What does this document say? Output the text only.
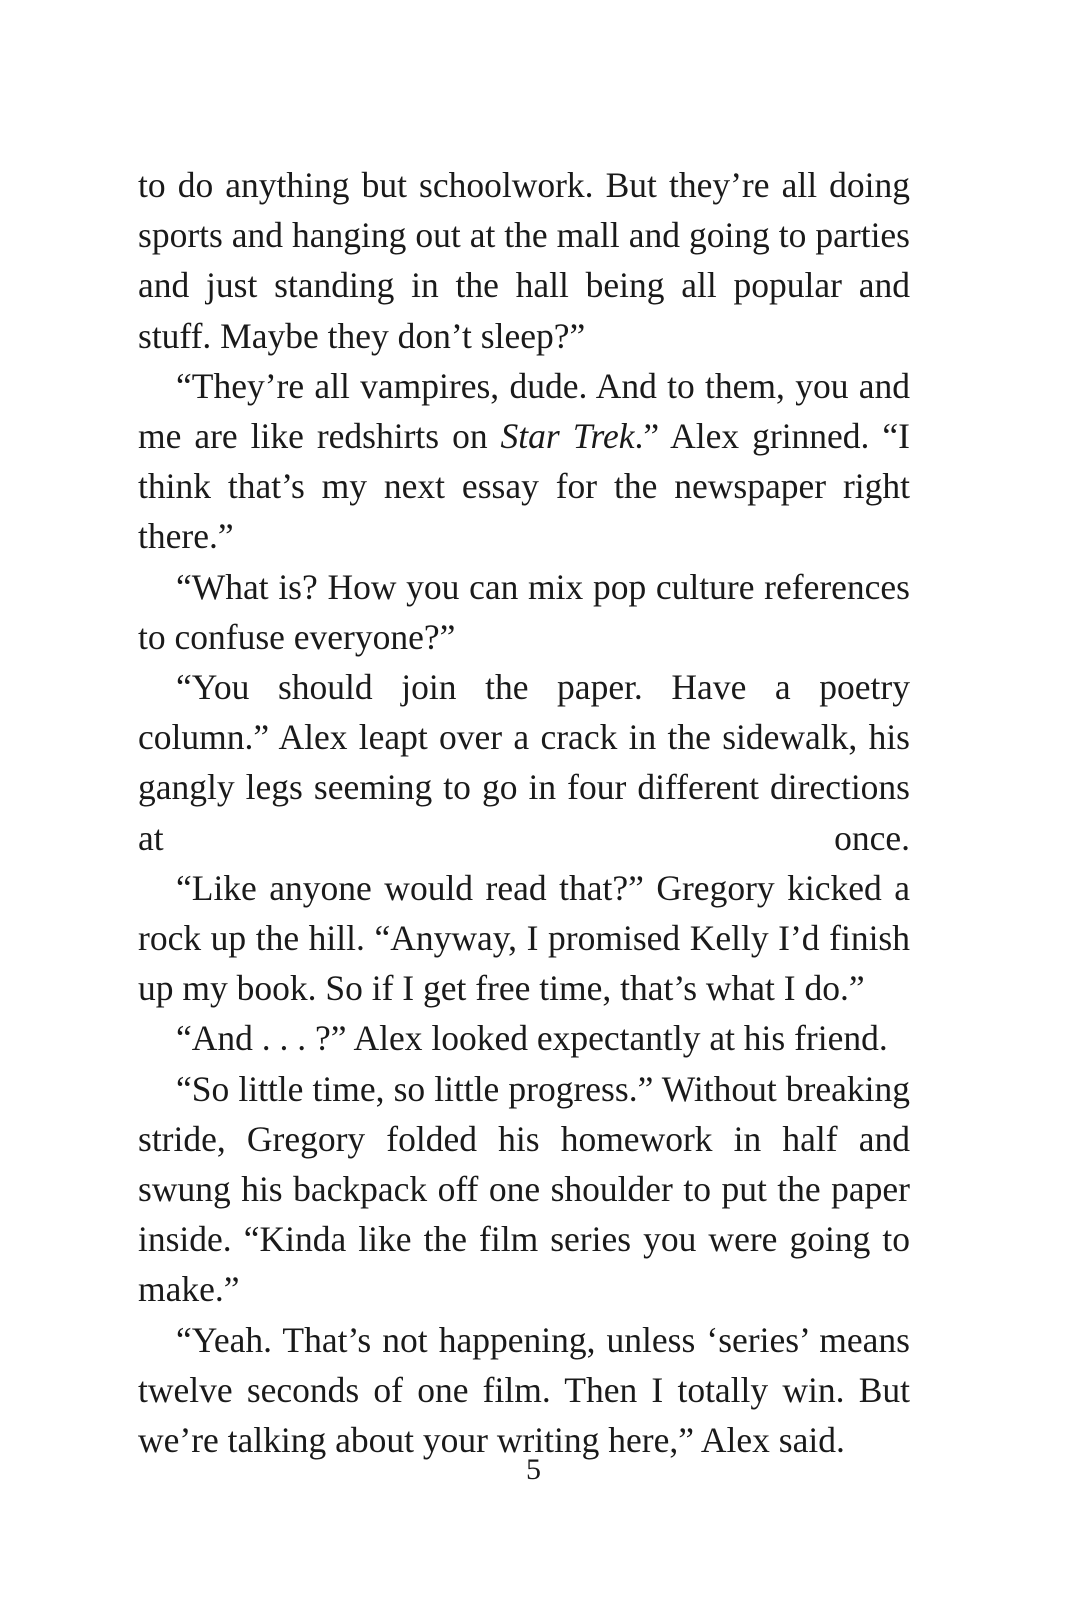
to do anything but schoolwork. But they’re all doing sports and hanging out at the mall and going to parties and just standing in the hall being all popular and stuff. Maybe they don’t sleep?”

“They’re all vampires, dude. And to them, you and me are like redshirts on Star Trek.” Alex grinned. “I think that’s my next essay for the newspaper right there.”

“What is? How you can mix pop culture references to confuse everyone?”

“You should join the paper. Have a poetry column.” Alex leapt over a crack in the sidewalk, his gangly legs seeming to go in four different directions at once.

“Like anyone would read that?” Gregory kicked a rock up the hill. “Anyway, I promised Kelly I’d finish up my book. So if I get free time, that’s what I do.”

“And . . . ?” Alex looked expectantly at his friend.

“So little time, so little progress.” Without breaking stride, Gregory folded his homework in half and swung his backpack off one shoulder to put the paper inside. “Kinda like the film series you were going to make.”

“Yeah. That’s not happening, unless ‘series’ means twelve seconds of one film. Then I totally win. But we’re talking about your writing here,” Alex said.

5
